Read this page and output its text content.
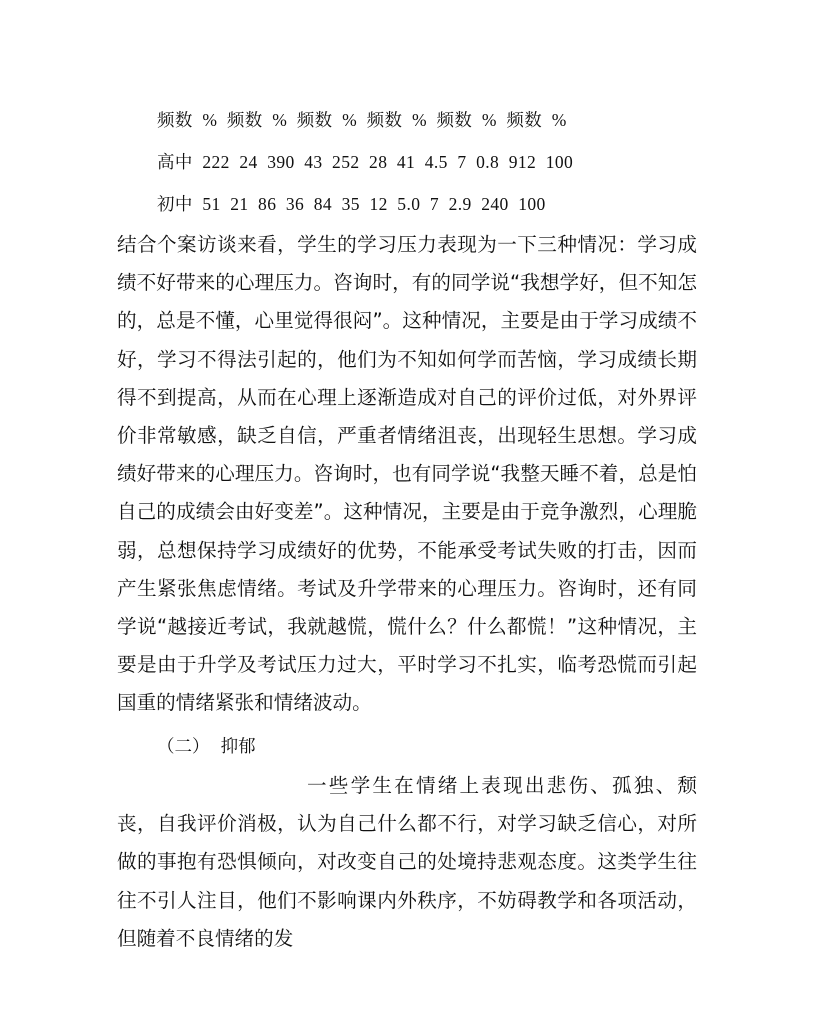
频数  %  频数  %  频数  %  频数  %  频数  %  频数  %
高中  222  24  390  43  252  28  41  4.5  7  0.8  912  100
初中  51  21  86  36  84  35  12  5.0  7  2.9  240  100

结合个案访谈来看，学生的学习压力表现为一下三种情况：学习成绩不好带来的心理压力。咨询时，有的同学说“我想学好，但不知怎的，总是不懂，心里觉得很闷”。这种情况，主要是由于学习成绩不好，学习不得法引起的，他们为不知如何学而苦恼，学习成绩长期得不到提高，从而在心理上逐渐造成对自己的评价过低，对外界评价非常敏感，缺乏自信，严重者情绪沮丧，出现轻生思想。学习成绩好带来的心理压力。咨询时，也有同学说“我整天睡不着，总是怕自己的成绩会由好变差”。这种情况，主要是由于竞争激烈，心理脆弱，总想保持学习成绩好的优势，不能承受考试失败的打击，因而产生紧张焦虑情绪。考试及升学带来的心理压力。咨询时，还有同学说“越接近考试，我就越慌，慌什么？什么都慌！”这种情况，主要是由于升学及考试压力过大，平时学习不扎实，临考恐慌而引起国重的情绪紧张和情绪波动。

（二）  抑郁

一些学生在情绪上表现出悲伤、孤独、颓丧，自我评价消极，认为自己什么都不行，对学习缺乏信心，对所做的事抱有恐惧倾向，对改变自己的处境持悲观态度。这类学生往往不引人注目，他们不影响课内外秩序，不妨碍教学和各项活动，但随着不良情绪的发
